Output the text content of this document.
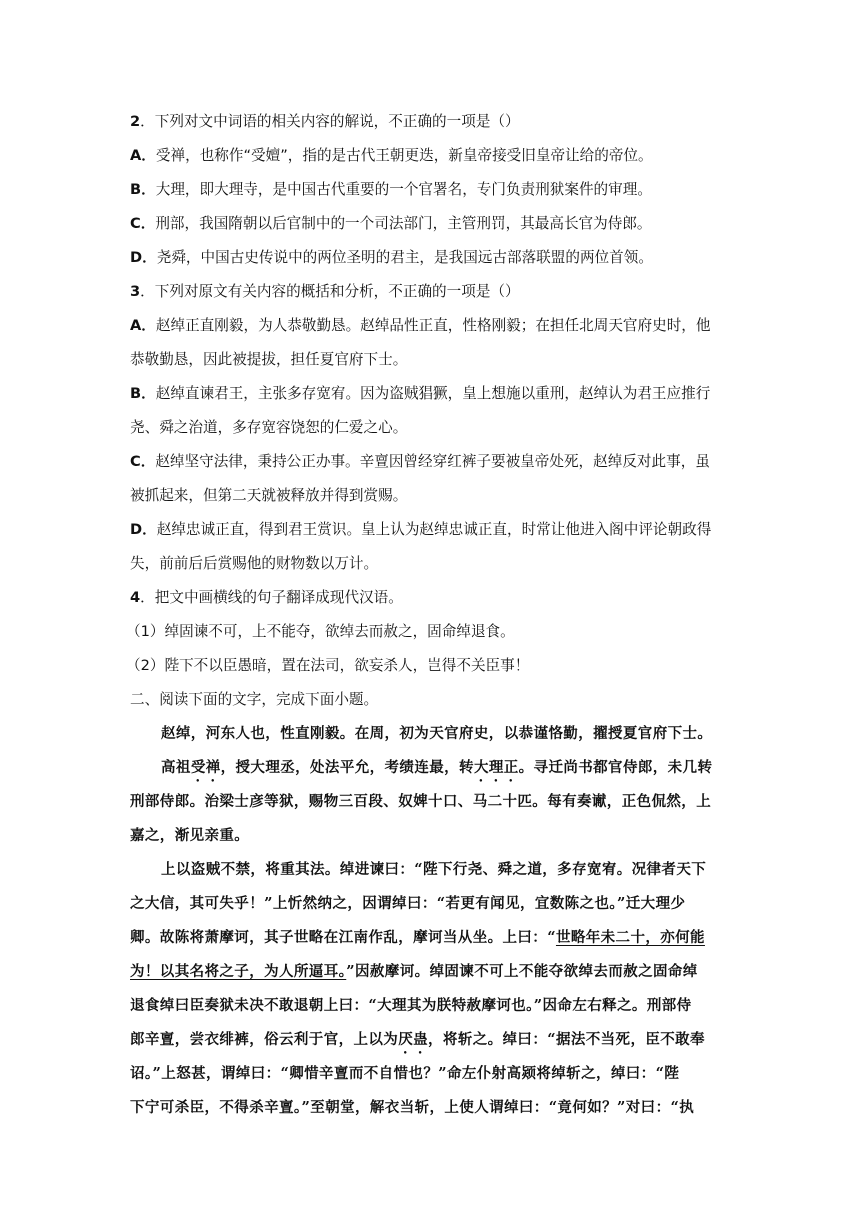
2．下列对文中词语的相关内容的解说，不正确的一项是（）
A．受禅，也称作“受嬗”，指的是古代王朝更迭，新皇帝接受旧皇帝让给的帝位。
B．大理，即大理寺，是中国古代重要的一个官署名，专门负责刑狱案件的审理。
C．刑部，我国隋朝以后官制中的一个司法部门，主管刑罚，其最高长官为侍郎。
D．尧舜，中国古史传说中的两位圣明的君主，是我国远古部落联盟的两位首领。
3．下列对原文有关内容的概括和分析，不正确的一项是（）
A．赵绰正直刚毅，为人恭敬勤恳。赵绰品性正直，性格刚毅；在担任北周天官府史时，他
恭敬勤恳，因此被提拔，担任夏官府下士。
B．赵绰直谏君王，主张多存宽宥。因为盗贼猖獗，皇上想施以重刑，赵绰认为君王应推行
尧、舜之治道，多存宽容饶恕的仁爱之心。
C．赵绰坚守法律，秉持公正办事。辛亶因曾经穿红裤子要被皇帝处死，赵绰反对此事，虽
被抓起来，但第二天就被释放并得到赏赐。
D．赵绰忠诚正直，得到君王赏识。皇上认为赵绰忠诚正直，时常让他进入阁中评论朝政得
失，前前后后赏赐他的财物数以万计。
4．把文中画横线的句子翻译成现代汉语。
（1）绰固谏不可，上不能夺，欲绰去而赦之，固命绰退食。
（2）陛下不以臣愚暗，置在法司，欲妄杀人，岂得不关臣事！
二、阅读下面的文字，完成下面小题。
赵绰，河东人也，性直刚毅。在周，初为天官府史，以恭谨恪勤，擢授夏官府下士。
高祖受禅，授大理丞，处法平允，考绩连最，转大理正。寻迁尚书都官侍郎，未几转
刑部侍郎。治梁士彦等狱，赐物三百段、奴婢十口、马二十匹。每有奏谳，正色侃然，上
嘉之，渐见亲重。
上以盗贼不禁，将重其法。绰进谏曰：“陛下行尧、舜之道，多存宽宥。况律者天下
之大信，其可失乎！”上忻然纳之，因谓绰曰：“若更有闻见，宜数陈之也。”迁大理少
卿。故陈将萧摩诃，其子世略在江南作乱，摩诃当从坐。上曰：“世略年未二十，亦何能
为！以其名将之子，为人所逼耳。”因赦摩诃。绰固谏不可上不能夺欲绰去而赦之固命绰
退食绰曰臣奏狱未决不敢退朝上曰：“大理其为朕特赦摩诃也。”因命左右释之。刑部侍
郎辛亶，尝衣绯裤，俗云利于官，上以为厌蛊，将斩之。绰曰：“据法不当死，臣不敢奉
诏。”上怒甚，谓绰曰：“卿惜辛亶而不自惜也？”命左仆射高颎将绰斩之，绰曰：“陛
下宁可杀臣，不得杀辛亶。”至朝堂，解衣当斩，上使人谓绰曰：“竟何如？”对曰：“执
